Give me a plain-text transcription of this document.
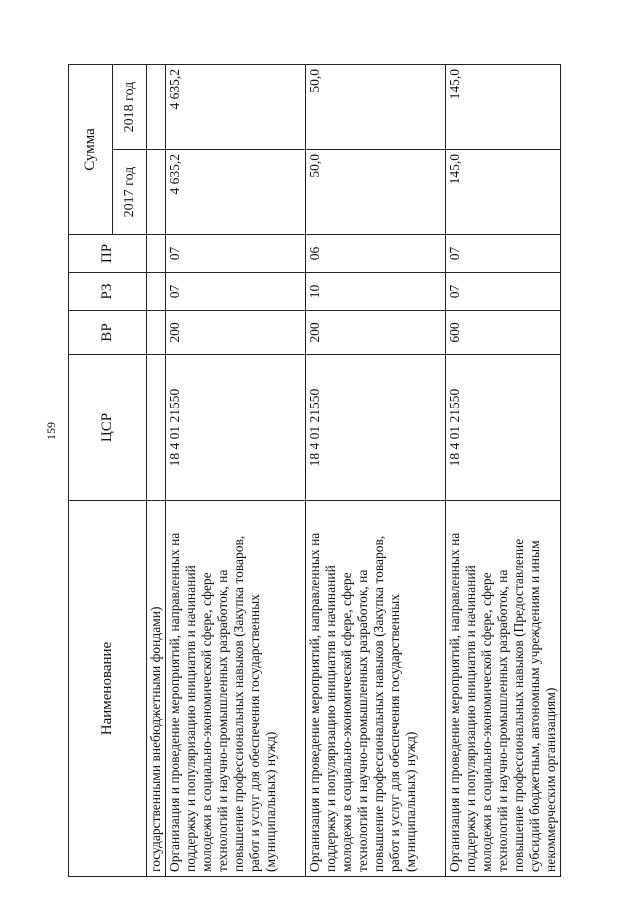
159
Наименование	ЦСР	ВР	РЗ	ПР	Сумма	
					2017 год	2018 год
государственными внебюджетными фондами)						
Организация и проведение мероприятий, направленных на поддержку и популяризацию инициатив и начинаний молодежи в социально-экономической сфере, сфере технологий и научно-промышленных разработок, на повышение профессиональных навыков (Закупка товаров, работ и услуг для обеспечения государственных (муниципальных) нужд)	18 4 01 21550	200	07	07	4 635,2	4 635,2
Организация и проведение мероприятий, направленных на поддержку и популяризацию инициатив и начинаний молодежи в социально-экономической сфере, сфере технологий и научно-промышленных разработок, на повышение профессиональных навыков (Закупка товаров, работ и услуг для обеспечения государственных (муниципальных) нужд)	18 4 01 21550	200	10	06	50,0	50,0
Организация и проведение мероприятий, направленных на поддержку и популяризацию инициатив и начинаний молодежи в социально-экономической сфере, сфере технологий и научно-промышленных разработок, на повышение профессиональных навыков (Предоставление субсидий бюджетным, автономным учреждениям и иным некоммерческим организациям)	18 4 01 21550	600	07	07	145,0	145,0
